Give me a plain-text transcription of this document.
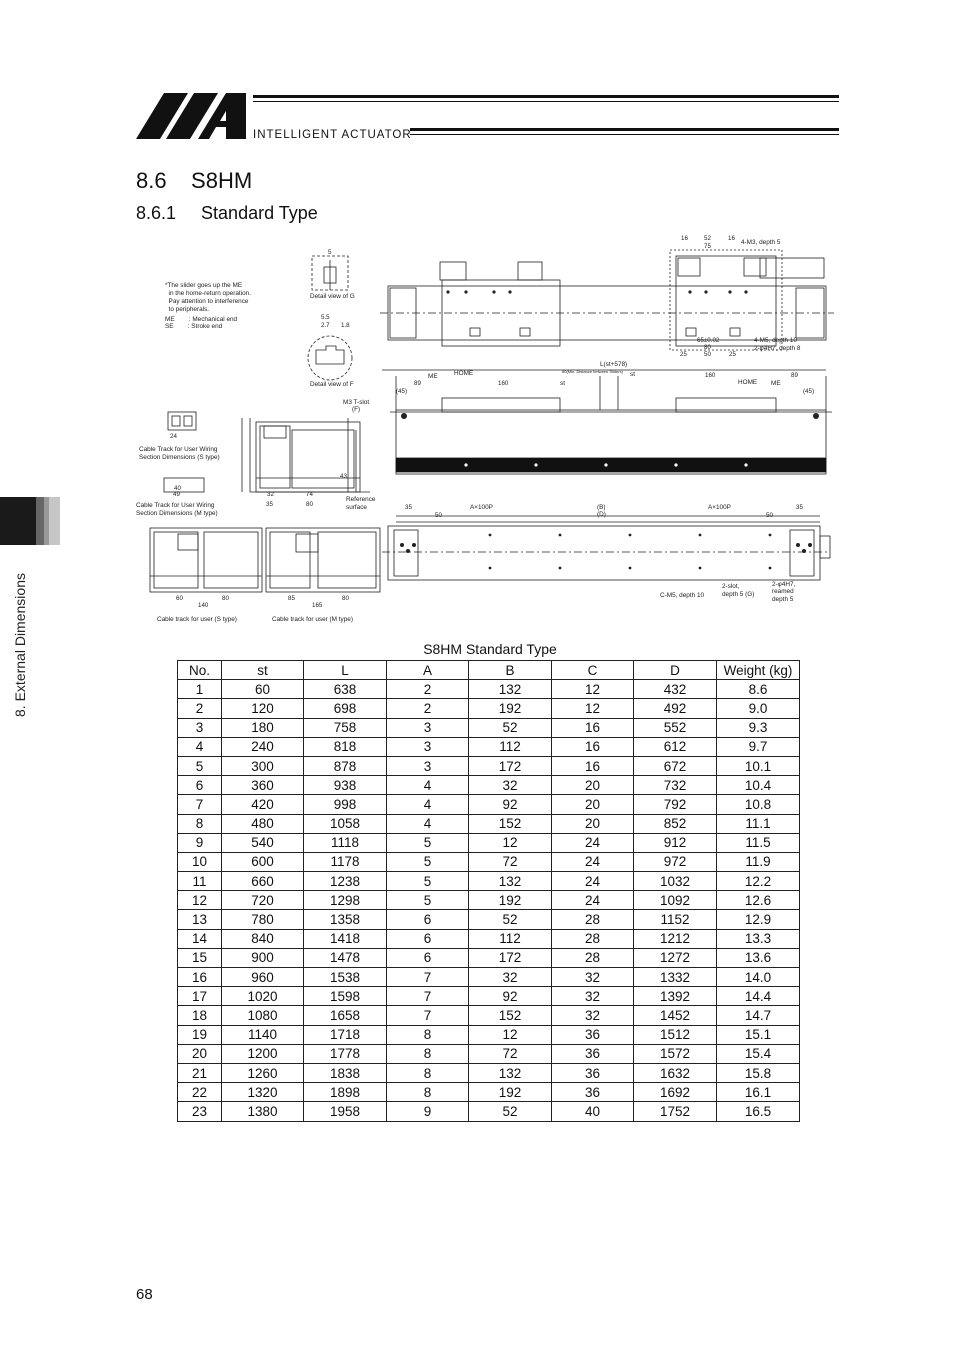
INTELLIGENT ACTUATOR
8.6    S8HM
8.6.1     Standard Type
8. External Dimensions
*The slider goes up the ME
in the home-return operation.
Pay attention to interference
to peripherals.
ME        : Mechanical end
SE        : Stroke end
Detail view of G
Detail view of F
M3 T-slot
(F)
Cable Track for User Wiring
Section Dimensions (S type)
Cable Track for User Wiring
Section Dimensions (M type)
Reference
surface
Cable track for user (S type)	Cable track for user (M type)
4-M3, depth 5
4-M5, depth 10
2-φ4H7, depth 8
L(st+578)
HOME
ME
HOME ME
st
st
80(Min. Distance between Sliders)
C-M5, depth 10
2-slot,
depth 5 (G)
2-φ4H7,
reamed
depth 5
A×100P	A×100P
(B)
(D)
5
5.5
2.7 1.8
16	52	16
75
65±0.02
80
25	50	25
89	160
160	89
(45)	(45)
35	35
50	50
24
40
49	32	74
35	80
60	80
140
85	80
165
43
S8HM Standard Type
No.	st	L	A	B	C	D	Weight (kg)
1	60	638	2	132	12	432	8.6
2	120	698	2	192	12	492	9.0
3	180	758	3	52	16	552	9.3
4	240	818	3	112	16	612	9.7
5	300	878	3	172	16	672	10.1
6	360	938	4	32	20	732	10.4
7	420	998	4	92	20	792	10.8
8	480	1058	4	152	20	852	11.1
9	540	1118	5	12	24	912	11.5
10	600	1178	5	72	24	972	11.9
11	660	1238	5	132	24	1032	12.2
12	720	1298	5	192	24	1092	12.6
13	780	1358	6	52	28	1152	12.9
14	840	1418	6	112	28	1212	13.3
15	900	1478	6	172	28	1272	13.6
16	960	1538	7	32	32	1332	14.0
17	1020	1598	7	92	32	1392	14.4
18	1080	1658	7	152	32	1452	14.7
19	1140	1718	8	12	36	1512	15.1
20	1200	1778	8	72	36	1572	15.4
21	1260	1838	8	132	36	1632	15.8
22	1320	1898	8	192	36	1692	16.1
23	1380	1958	9	52	40	1752	16.5
68
